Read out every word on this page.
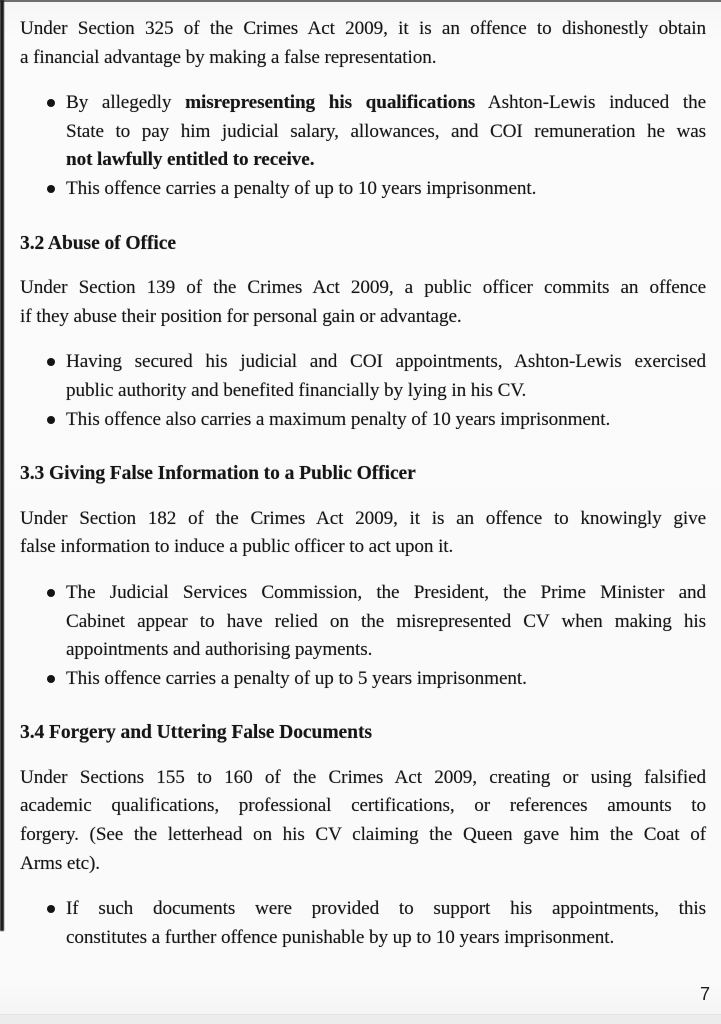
Under Section 325 of the Crimes Act 2009, it is an offence to dishonestly obtain
a financial advantage by making a false representation.
By allegedly misrepresenting his qualifications Ashton-Lewis induced the
State to pay him judicial salary, allowances, and COI remuneration he was
not lawfully entitled to receive.
This offence carries a penalty of up to 10 years imprisonment.
3.2 Abuse of Office
Under Section 139 of the Crimes Act 2009, a public officer commits an offence
if they abuse their position for personal gain or advantage.
Having secured his judicial and COI appointments, Ashton-Lewis exercised
public authority and benefited financially by lying in his CV.
This offence also carries a maximum penalty of 10 years imprisonment.
3.3 Giving False Information to a Public Officer
Under Section 182 of the Crimes Act 2009, it is an offence to knowingly give
false information to induce a public officer to act upon it.
The Judicial Services Commission, the President, the Prime Minister and
Cabinet appear to have relied on the misrepresented CV when making his
appointments and authorising payments.
This offence carries a penalty of up to 5 years imprisonment.
3.4 Forgery and Uttering False Documents
Under Sections 155 to 160 of the Crimes Act 2009, creating or using falsified
academic qualifications, professional certifications, or references amounts to
forgery. (See the letterhead on his CV claiming the Queen gave him the Coat of
Arms etc).
If such documents were provided to support his appointments, this
constitutes a further offence punishable by up to 10 years imprisonment.
7
